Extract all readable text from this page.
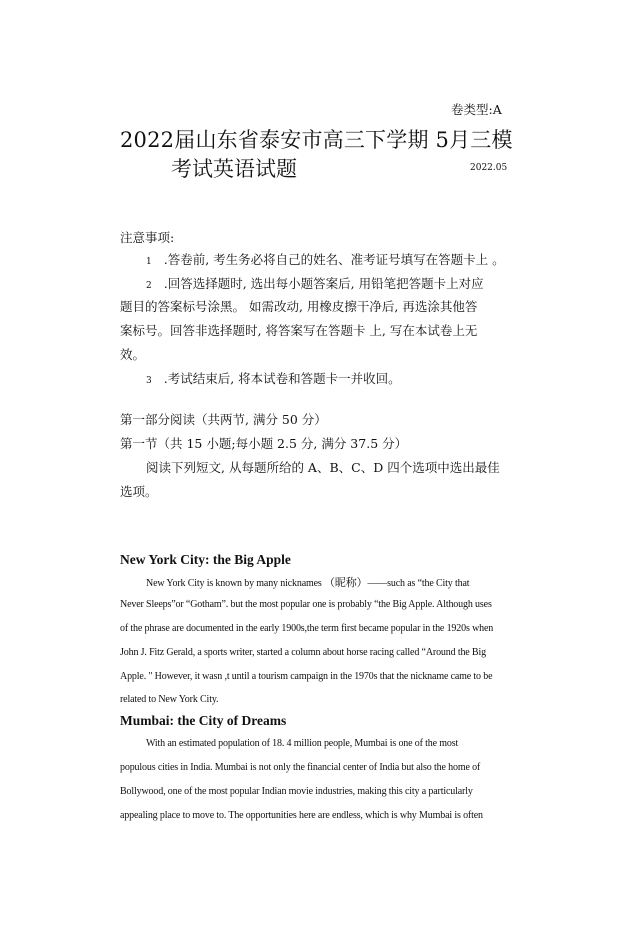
卷类型:A
2022届山东省泰安市高三下学期 5月三模
考试英语试题	2022.05
注意事项:
1 .答卷前, 考生务必将自己的姓名、准考证号填写在答题卡上 。
2 .回答选择题时, 选出每小题答案后, 用铅笔把答题卡上对应
题目的答案标号涂黑。 如需改动, 用橡皮擦干净后, 再选涂其他答
案标号。回答非选择题时, 将答案写在答题卡 上, 写在本试卷上无
效。
3 .考试结束后, 将本试卷和答题卡一并收回。
第一部分阅读（共两节, 满分 50 分）
第一节（共 15 小题;每小题 2.5 分, 满分 37.5 分）
阅读下列短文, 从每题所给的 A、B、C、D 四个选项中选出最佳
选项。
New York City: the Big Apple
New York City is known by many nicknames （昵称）——such as “the City that
Never Sleeps”or “Gotham”. but the most popular one is probably “the Big Apple. Although uses
of the phrase are documented in the early 1900s,the term first became popular in the 1920s when
John J. Fitz Gerald, a sports writer, started a column about horse racing called “Around the Big
Apple. " However, it wasn ,t until a tourism campaign in the 1970s that the nickname came to be
related to New York City.
Mumbai: the City of Dreams
With an estimated population of 18. 4 million people, Mumbai is one of the most
populous cities in India. Mumbai is not only the financial center of India but also the home of
Bollywood, one of the most popular Indian movie industries, making this city a particularly
appealing place to move to. The opportunities here are endless, which is why Mumbai is often
